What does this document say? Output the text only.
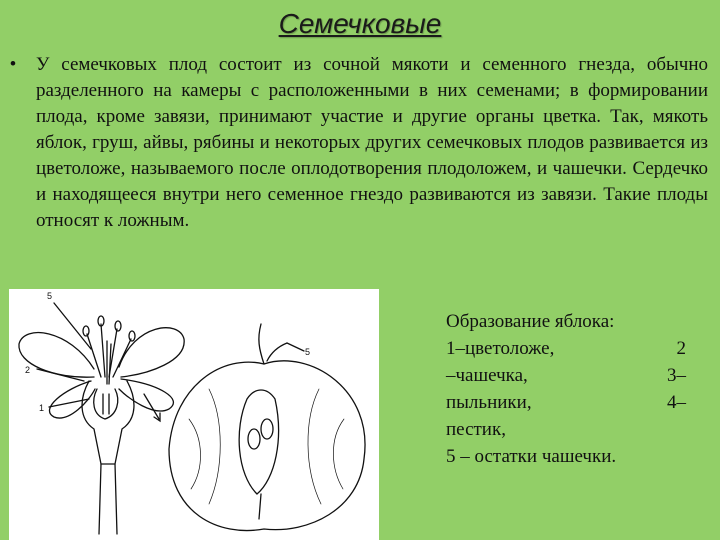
Семечковые
• У семечковых плод состоит из сочной мякоти и семенного гнезда, обычно разделенного на камеры с расположенными в них семенами; в формировании плода, кроме завязи, принимают участие и другие органы цветка. Так, мякоть яблок, груш, айвы, рябины и некоторых других семечковых плодов развивается из цветоложе, называемого после оплодотворения плодоложем, и чашечки. Сердечко и находящееся внутри него семенное гнездо развиваются из завязи. Такие плоды относят к ложным.

5
2
1
5
Образование яблока:
1–цветоложе,	2
–чашечка,	3–
пыльники,	4–
пестик,
5 – остатки чашечки.
